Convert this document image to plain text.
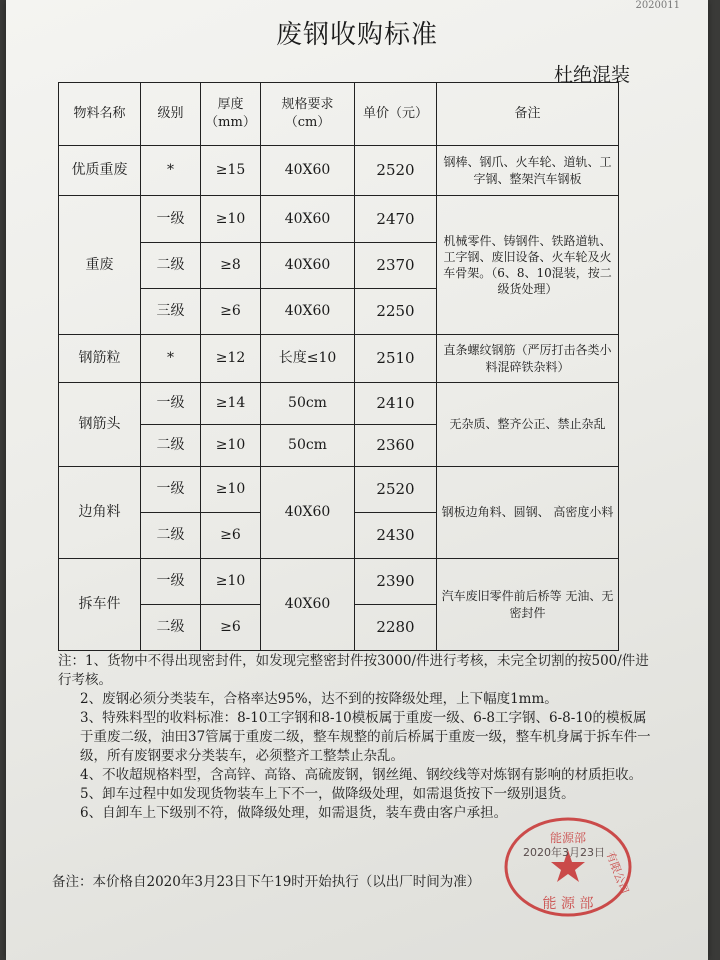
2020011
废钢收购标准
杜绝混装
物料名称	级别	厚度（mm）	规格要求（cm）	单价（元）	备注
优质重废	*	≥15	40X60	2520	钢棒、钢爪、火车轮、道轨、工字钢、整架汽车钢板
重废	一级	≥10	40X60	2470	机械零件、铸钢件、铁路道轨、工字钢、废旧设备、火车轮及火车骨架。（6、8、10混装，按二级货处理）
	二级	≥8	40X60	2370	
	三级	≥6	40X60	2250	
钢筋粒	*	≥12	长度≤10	2510	直条螺纹钢筋（严厉打击各类小料混碎铁杂料）
钢筋头	一级	≥14	50cm	2410	无杂质、整齐公正、禁止杂乱
	二级	≥10	50cm	2360	
边角料	一级	≥10	40X60	2520	钢板边角料、圆钢、 高密度小料
	二级	≥6		2430	
拆车件	一级	≥10	40X60	2390	汽车废旧零件前后桥等 无油、无密封件
	二级	≥6		2280	

注：1、货物中不得出现密封件，如发现完整密封件按3000/件进行考核，未完全切割的按500/件进行考核。

2、废钢必须分类装车，合格率达95%，达不到的按降级处理，上下幅度1mm。

3、特殊料型的收料标准：8-10工字钢和8-10模板属于重废一级、6-8工字钢、6-8-10的模板属于重废二级，油田37管属于重废二级，整车规整的前后桥属于重废一级，整车机身属于拆车件一级，所有废钢要求分类装车，必须整齐工整禁止杂乱。

4、不收超规格料型，含高锌、高铬、高硫废钢，钢丝绳、钢绞线等对炼钢有影响的材质拒收。

5、卸车过程中如发现货物装车上下不一，做降级处理，如需退货按下一级别退货。

6、自卸车上下级别不符，做降级处理，如需退货，装车费由客户承担。

备注：本价格自2020年3月23日下午19时开始执行（以出厂时间为准）
能源部
2020年3月23日
有限公司
能 源 部
